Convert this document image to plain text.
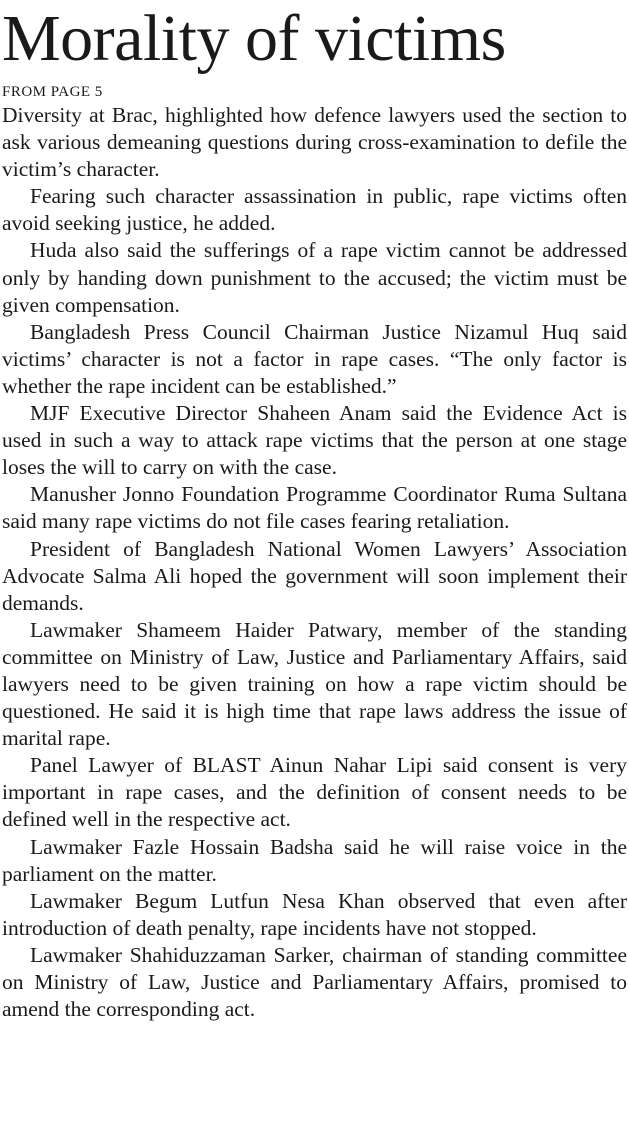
Morality of victims
FROM PAGE 5

Diversity at Brac, highlighted how defence lawyers used the section to ask various demeaning questions during cross-examination to defile the victim’s character.

Fearing such character assassination in public, rape victims often avoid seeking justice, he added.

Huda also said the sufferings of a rape victim cannot be addressed only by handing down punishment to the accused; the victim must be given compensation.

Bangladesh Press Council Chairman Justice Nizamul Huq said victims’ character is not a factor in rape cases. “The only factor is whether the rape incident can be established.”

MJF Executive Director Shaheen Anam said the Evidence Act is used in such a way to attack rape victims that the person at one stage loses the will to carry on with the case.

Manusher Jonno Foundation Programme Coordinator Ruma Sultana said many rape victims do not file cases fearing retaliation.

President of Bangladesh National Women Lawyers’ Association Advocate Salma Ali hoped the government will soon implement their demands.

Lawmaker Shameem Haider Patwary, member of the standing committee on Ministry of Law, Justice and Parliamentary Affairs, said lawyers need to be given training on how a rape victim should be questioned. He said it is high time that rape laws address the issue of marital rape.

Panel Lawyer of BLAST Ainun Nahar Lipi said consent is very important in rape cases, and the definition of consent needs to be defined well in the respective act.

Lawmaker Fazle Hossain Badsha said he will raise voice in the parliament on the matter.

Lawmaker Begum Lutfun Nesa Khan observed that even after introduction of death penalty, rape incidents have not stopped.

Lawmaker Shahiduzzaman Sarker, chairman of standing committee on Ministry of Law, Justice and Parliamentary Affairs, promised to amend the corresponding act.
